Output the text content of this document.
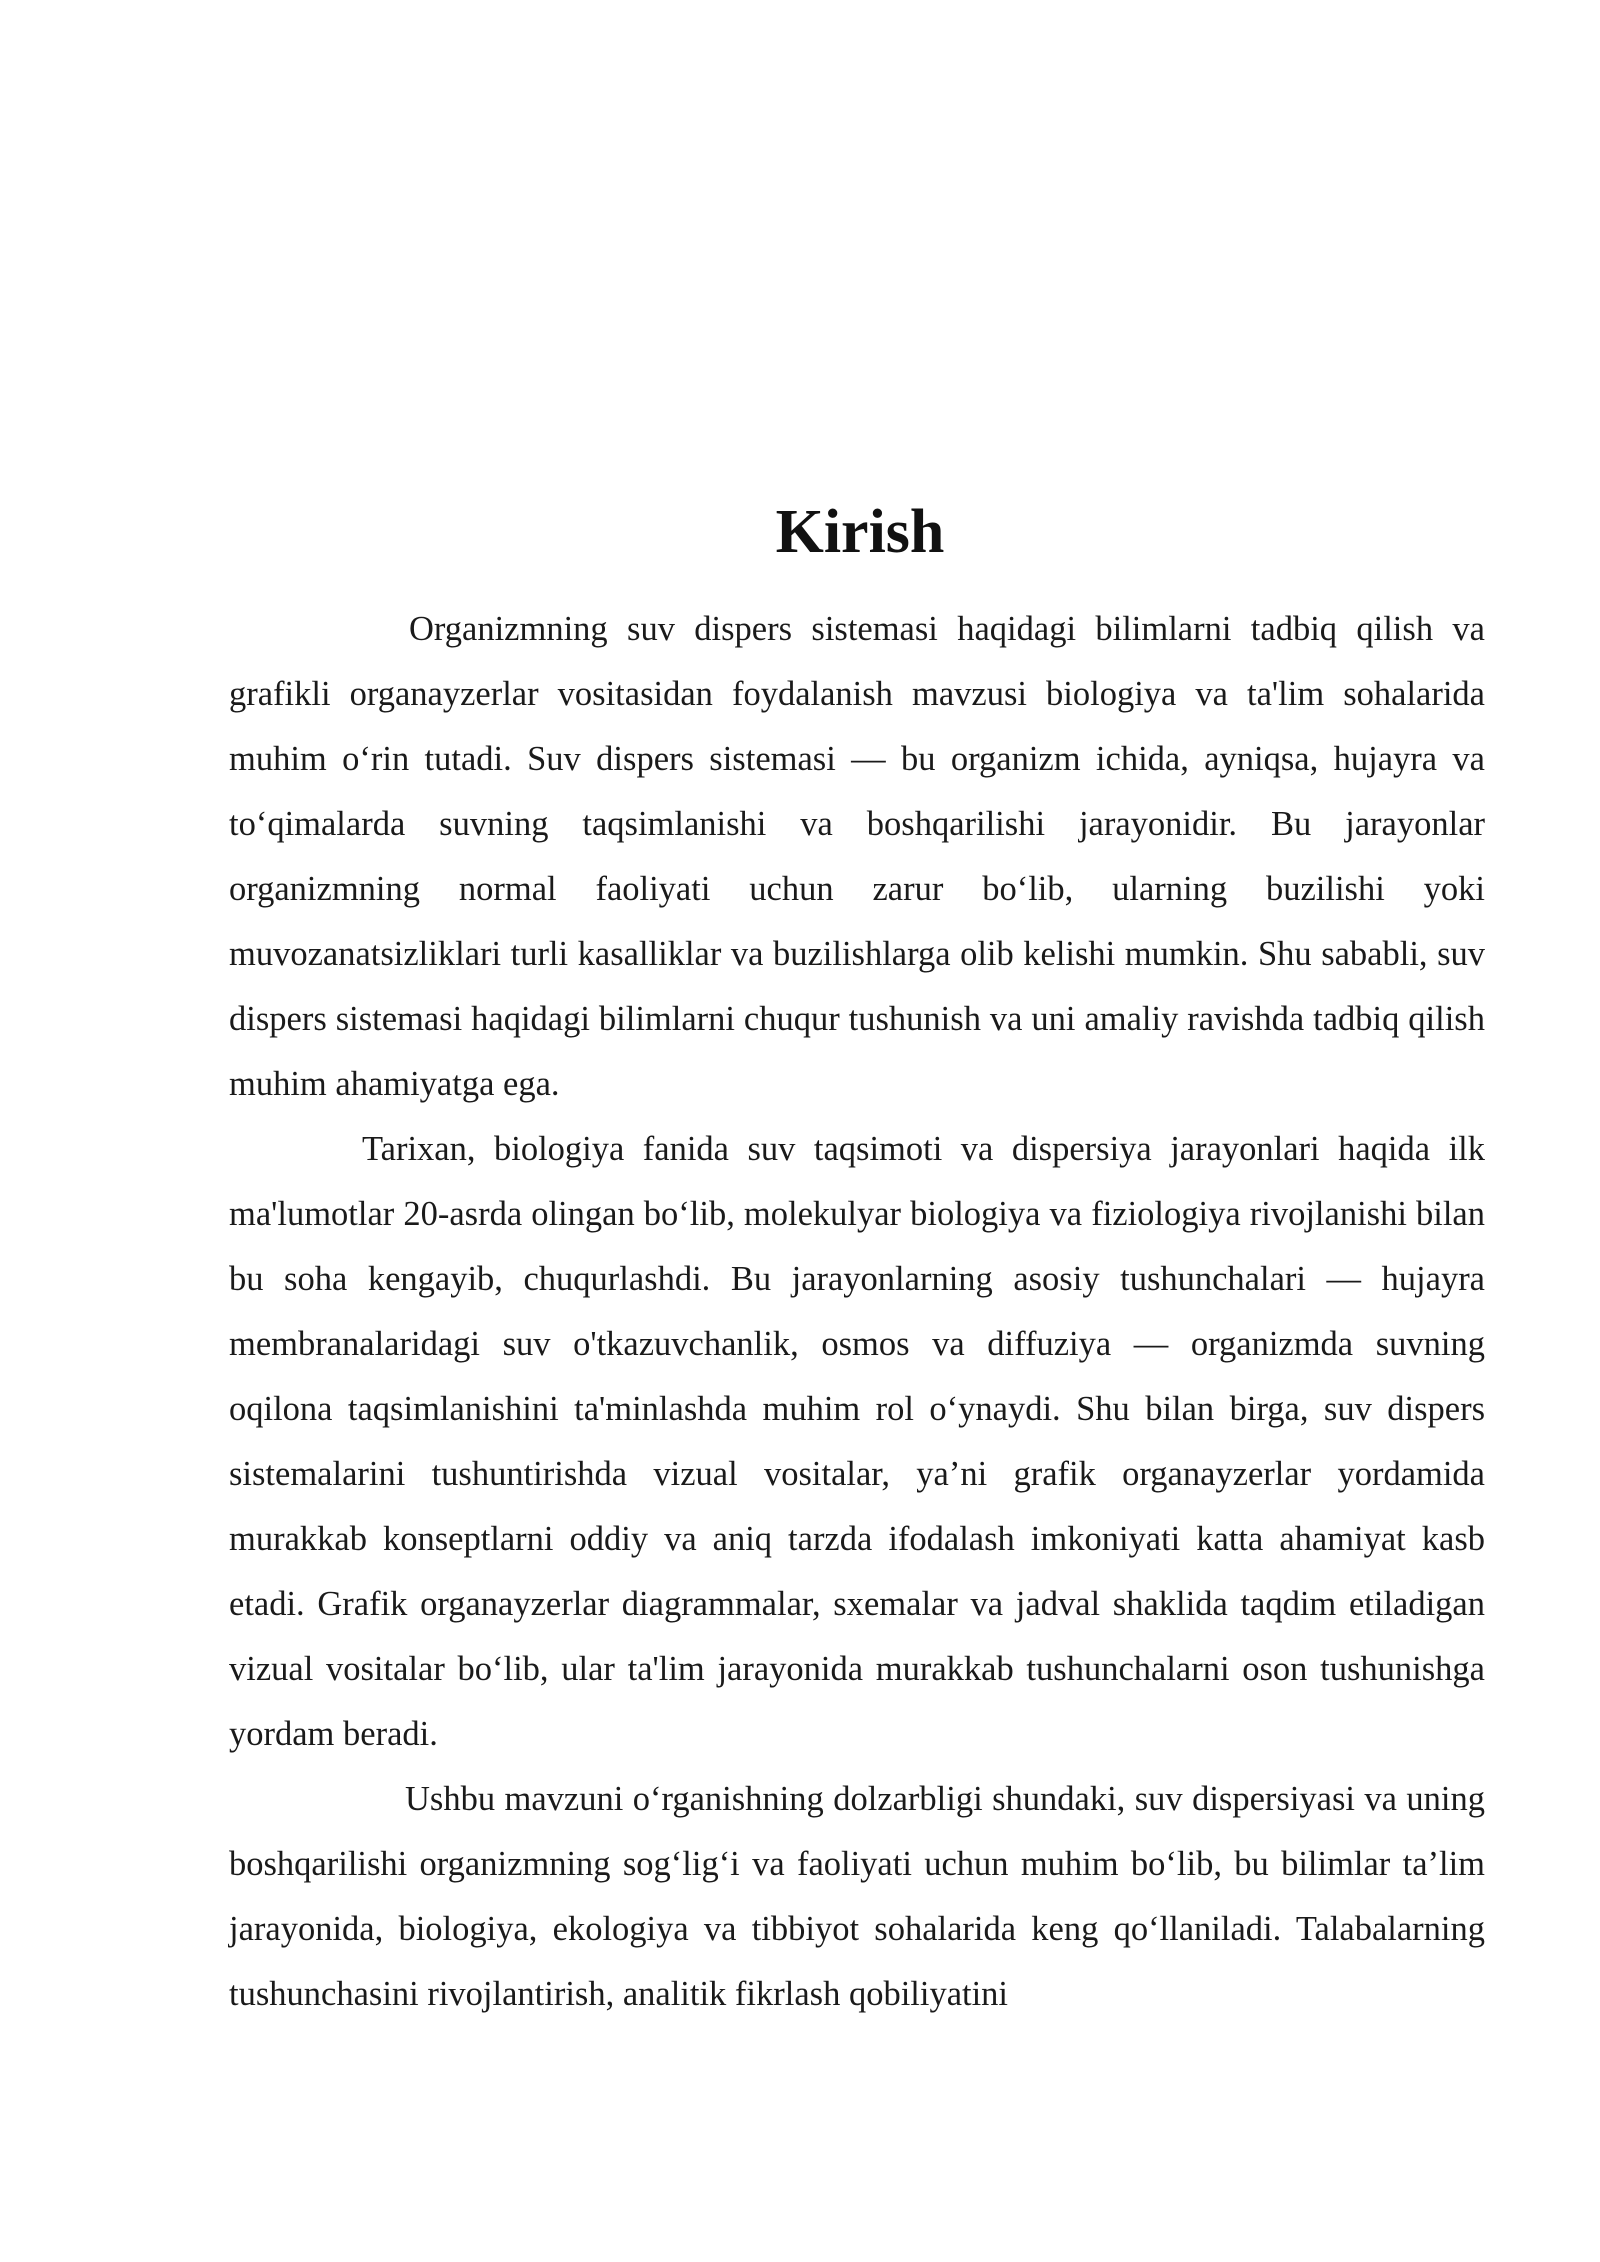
Kirish

Organizmning suv dispers sistemasi haqidagi bilimlarni tadbiq qilish va grafikli organayzerlar vositasidan foydalanish mavzusi biologiya va ta'lim sohalarida muhim o‘rin tutadi. Suv dispers sistemasi — bu organizm ichida, ayniqsa, hujayra va to‘qimalarda suvning taqsimlanishi va boshqarilishi jarayonidir. Bu jarayonlar organizmning normal faoliyati uchun zarur bo‘lib, ularning buzilishi yoki muvozanatsizliklari turli kasalliklar va buzilishlarga olib kelishi mumkin. Shu sababli, suv dispers sistemasi haqidagi bilimlarni chuqur tushunish va uni amaliy ravishda tadbiq qilish muhim ahamiyatga ega.

Tarixan, biologiya fanida suv taqsimoti va dispersiya jarayonlari haqida ilk ma'lumotlar 20-asrda olingan bo‘lib, molekulyar biologiya va fiziologiya rivojlanishi bilan bu soha kengayib, chuqurlashdi. Bu jarayonlarning asosiy tushunchalari — hujayra membranalaridagi suv o'tkazuvchanlik, osmos va diffuziya — organizmda suvning oqilona taqsimlanishini ta'minlashda muhim rol o‘ynaydi. Shu bilan birga, suv dispers sistemalarini tushuntirishda vizual vositalar, ya’ni grafik organayzerlar yordamida murakkab konseptlarni oddiy va aniq tarzda ifodalash imkoniyati katta ahamiyat kasb etadi. Grafik organayzerlar diagrammalar, sxemalar va jadval shaklida taqdim etiladigan vizual vositalar bo‘lib, ular ta'lim jarayonida murakkab tushunchalarni oson tushunishga yordam beradi.

Ushbu mavzuni o‘rganishning dolzarbligi shundaki, suv dispersiyasi va uning boshqarilishi organizmning sog‘lig‘i va faoliyati uchun muhim bo‘lib, bu bilimlar ta’lim jarayonida, biologiya, ekologiya va tibbiyot sohalarida keng qo‘llaniladi. Talabalarning tushunchasini rivojlantirish, analitik fikrlash qobiliyatini
